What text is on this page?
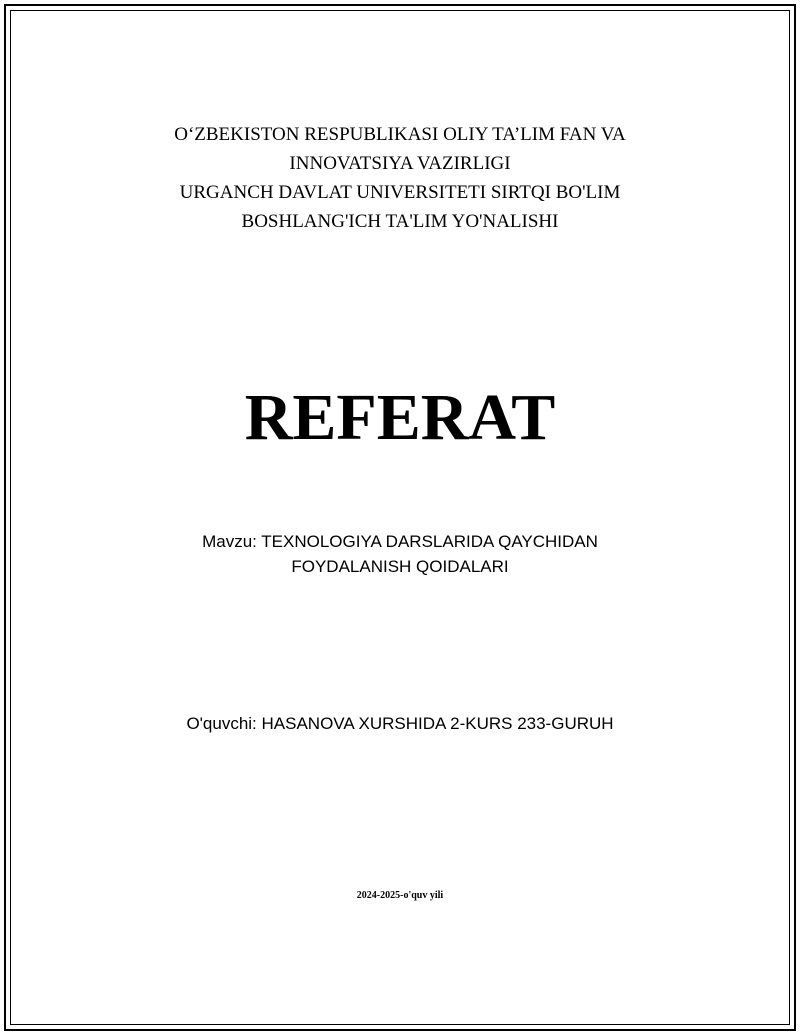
O‘ZBEKISTON RESPUBLIKASI OLIY TA’LIM FAN VA
INNOVATSIYA VAZIRLIGI
URGANCH DAVLAT UNIVERSITETI SIRTQI BO'LIM
BOSHLANG'ICH TA'LIM YO'NALISHI
REFERAT
Mavzu: TEXNOLOGIYA DARSLARIDA QAYCHIDAN
FOYDALANISH QOIDALARI
O'quvchi: HASANOVA XURSHIDA 2-KURS 233-GURUH
2024-2025-o'quv yili
